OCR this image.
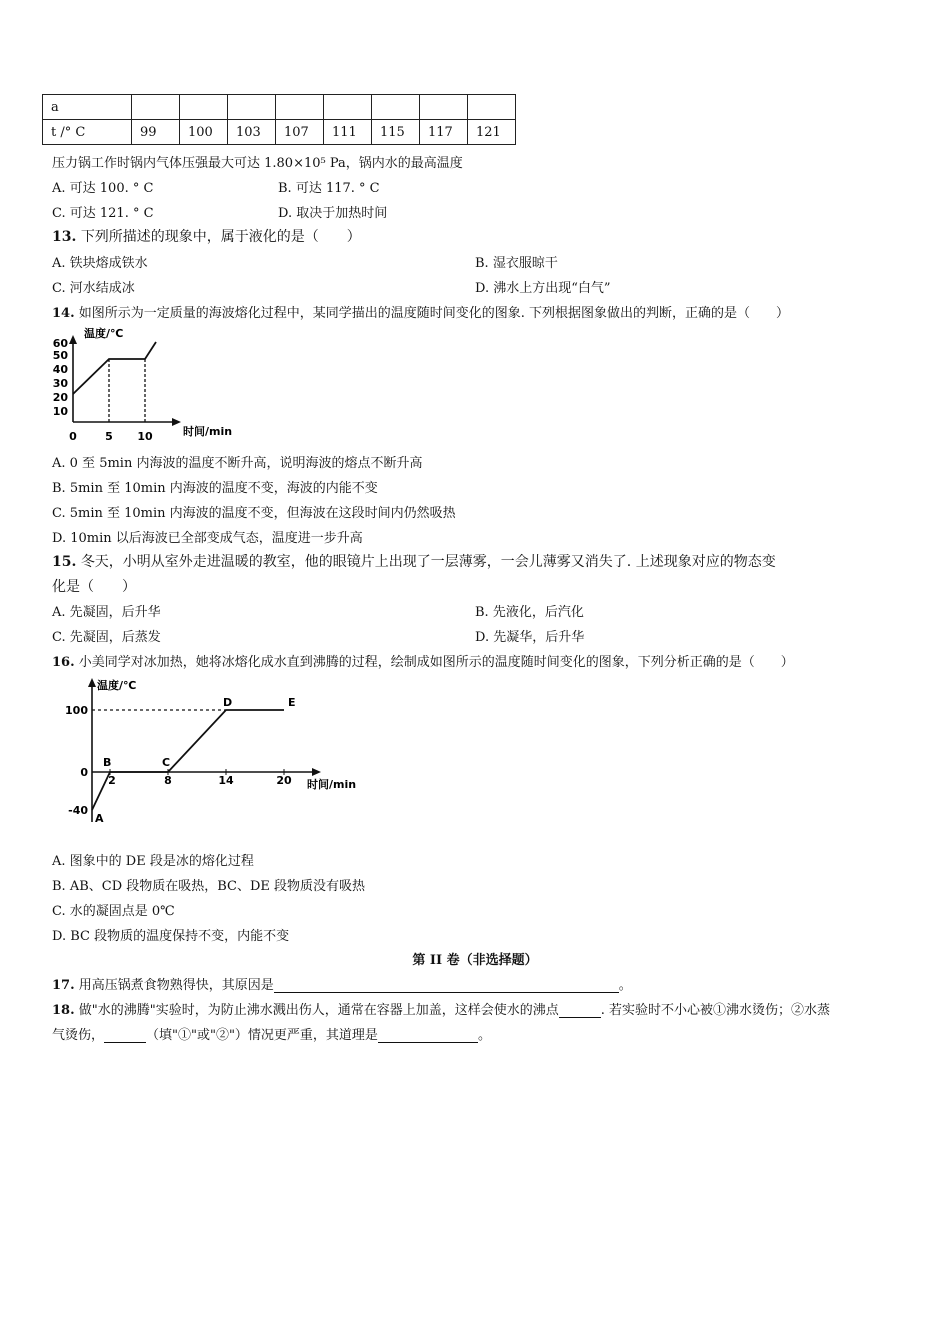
a								
t /° C	99	100	103	107	111	115	117	121
压力锅工作时锅内气体压强最大可达 1.80×10⁵ Pa，锅内水的最高温度
A. 可达 100. ° C	B. 可达 117. ° C
C. 可达 121. ° C	D. 取决于加热时间
13. 下列所描述的现象中，属于液化的是（　　）
A. 铁块熔成铁水	B. 湿衣服晾干
C. 河水结成冰	D. 沸水上方出现“白气”
14. 如图所示为一定质量的海波熔化过程中，某同学描出的温度随时间变化的图象. 下列根据图象做出的判断，正确的是（　　）
温度/℃
时间/min
60
50
40
30
20
10
0	5 10
A. 0 至 5min 内海波的温度不断升高，说明海波的熔点不断升高
B. 5min 至 10min 内海波的温度不变，海波的内能不变
C. 5min 至 10min 内海波的温度不变，但海波在这段时间内仍然吸热
D. 10min 以后海波已全部变成气态，温度进一步升高
15. 冬天，小明从室外走进温暖的教室，他的眼镜片上出现了一层薄雾，一会儿薄雾又消失了. 上述现象对应的物态变
化是（　　）
A. 先凝固，后升华	B. 先液化，后汽化
C. 先凝固，后蒸发	D. 先凝华，后升华
16. 小美同学对冰加热，她将冰熔化成水直到沸腾的过程，绘制成如图所示的温度随时间变化的图象，下列分析正确的是（　　）
温度/℃
时间/min
100
0
-40
2	8	14	20
A
B	C
D	E
A. 图象中的 DE 段是冰的熔化过程
B. AB、CD 段物质在吸热，BC、DE 段物质没有吸热
C. 水的凝固点是 0℃
D. BC 段物质的温度保持不变，内能不变
第 II 卷（非选择题）
17. 用高压锅煮食物熟得快，其原因是	。
18. 做"水的沸腾"实验时，为防止沸水溅出伤人，通常在容器上加盖，这样会使水的沸点	. 若实验时不小心被①沸水烫伤；②水蒸
气烫伤，	（填"①"或"②"）情况更严重，其道理是	。
